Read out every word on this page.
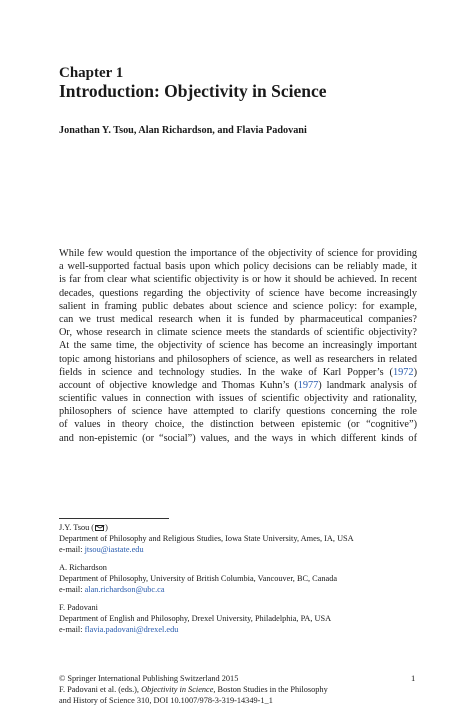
Chapter 1
Introduction: Objectivity in Science
Jonathan Y. Tsou, Alan Richardson, and Flavia Padovani
While few would question the importance of the objectivity of science for providing
a well-supported factual basis upon which policy decisions can be reliably made, it
is far from clear what scientific objectivity is or how it should be achieved. In recent
decades, questions regarding the objectivity of science have become increasingly
salient in framing public debates about science and science policy: for example,
can we trust medical research when it is funded by pharmaceutical companies?
Or, whose research in climate science meets the standards of scientific objectivity?
At the same time, the objectivity of science has become an increasingly important
topic among historians and philosophers of science, as well as researchers in related
fields in science and technology studies. In the wake of Karl Popper’s (1972)
account of objective knowledge and Thomas Kuhn’s (1977) landmark analysis of
scientific values in connection with issues of scientific objectivity and rationality,
philosophers of science have attempted to clarify questions concerning the role
of values in theory choice, the distinction between epistemic (or “cognitive”)
and non-epistemic (or “social”) values, and the ways in which different kinds of
J.Y. Tsou ( )
Department of Philosophy and Religious Studies, Iowa State University, Ames, IA, USA
e-mail: jtsou@iastate.edu
A. Richardson
Department of Philosophy, University of British Columbia, Vancouver, BC, Canada
e-mail: alan.richardson@ubc.ca
F. Padovani
Department of English and Philosophy, Drexel University, Philadelphia, PA, USA
e-mail: flavia.padovani@drexel.edu
© Springer International Publishing Switzerland 2015
F. Padovani et al. (eds.), Objectivity in Science, Boston Studies in the Philosophy
and History of Science 310, DOI 10.1007/978-3-319-14349-1_1
1
